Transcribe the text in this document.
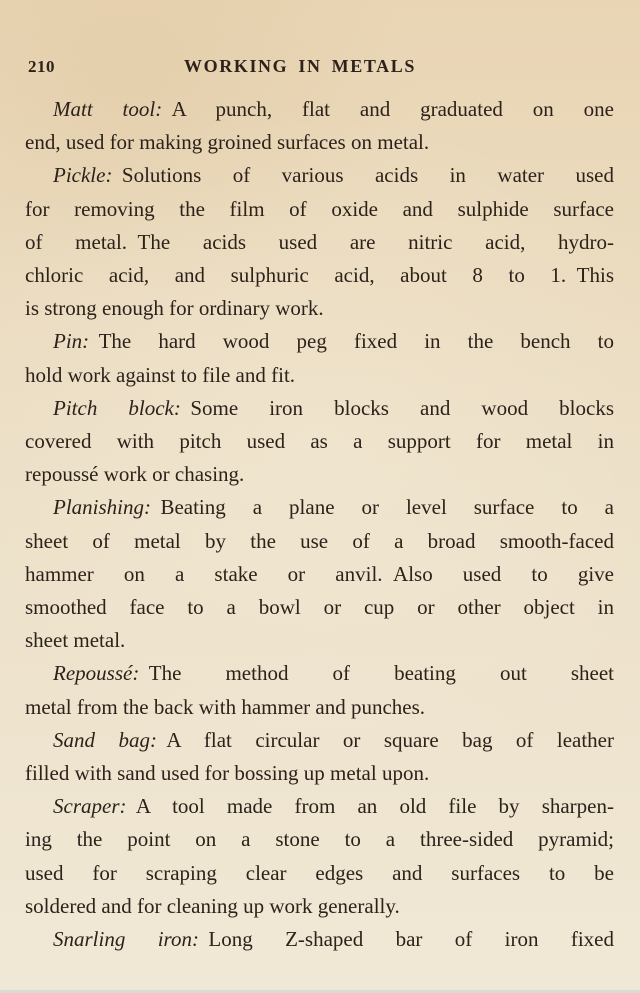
210	WORKING IN METALS
Matt tool: A punch, flat and graduated on one
end, used for making groined surfaces on metal.
Pickle: Solutions of various acids in water used
for removing the film of oxide and sulphide surface
of metal. The acids used are nitric acid, hydro-
chloric acid, and sulphuric acid, about 8 to 1. This
is strong enough for ordinary work.
Pin: The hard wood peg fixed in the bench to
hold work against to file and fit.
Pitch block: Some iron blocks and wood blocks
covered with pitch used as a support for metal in
repoussé work or chasing.
Planishing: Beating a plane or level surface to a
sheet of metal by the use of a broad smooth-faced
hammer on a stake or anvil. Also used to give
smoothed face to a bowl or cup or other object in
sheet metal.
Repoussé: The method of beating out sheet
metal from the back with hammer and punches.
Sand bag: A flat circular or square bag of leather
filled with sand used for bossing up metal upon.
Scraper: A tool made from an old file by sharpen-
ing the point on a stone to a three-sided pyramid;
used for scraping clear edges and surfaces to be
soldered and for cleaning up work generally.
Snarling iron: Long Z-shaped bar of iron fixed
